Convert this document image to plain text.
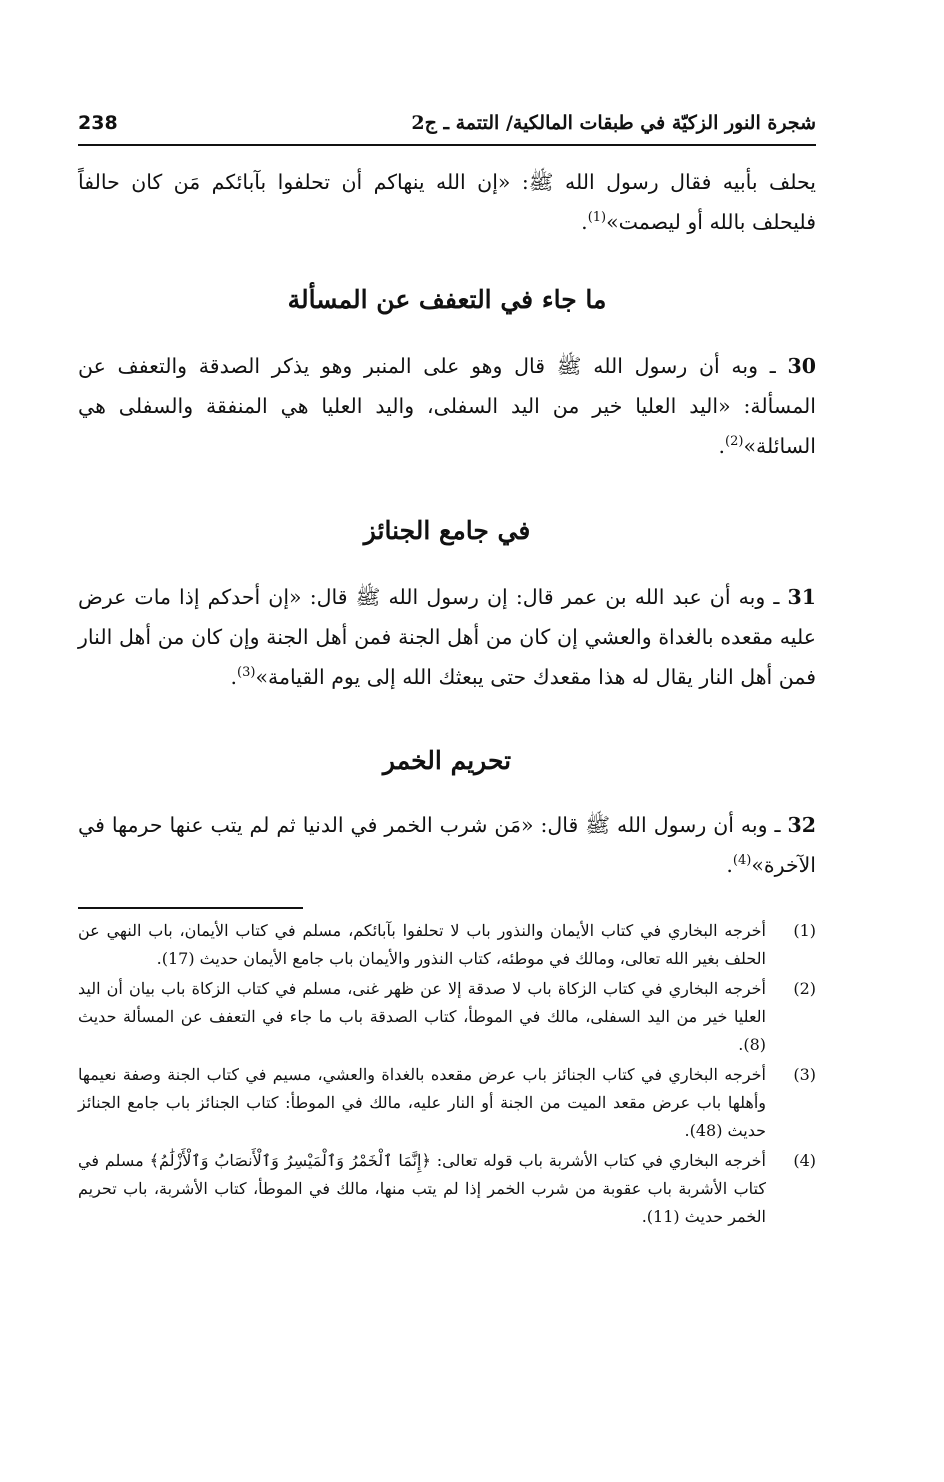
شجرة النور الزكيّة في طبقات المالكية/ التتمة ـ ج2
238

يحلف بأبيه فقال رسول الله ﷺ: «إن الله ينهاكم أن تحلفوا بآبائكم مَن كان حالفاً فليحلف بالله أو ليصمت»$^{(1)}$.

ما جاء في التعفف عن المسألة

30 ـ وبه أن رسول الله ﷺ قال وهو على المنبر وهو يذكر الصدقة والتعفف عن المسألة: «اليد العليا خير من اليد السفلى، واليد العليا هي المنفقة والسفلى هي السائلة»$^{(2)}$.

في جامع الجنائز

31 ـ وبه أن عبد الله بن عمر قال: إن رسول الله ﷺ قال: «إن أحدكم إذا مات عرض عليه مقعده بالغداة والعشي إن كان من أهل الجنة فمن أهل الجنة وإن كان من أهل النار فمن أهل النار يقال له هذا مقعدك حتى يبعثك الله إلى يوم القيامة»$^{(3)}$.

تحريم الخمر

32 ـ وبه أن رسول الله ﷺ قال: «مَن شرب الخمر في الدنيا ثم لم يتب عنها حرمها في الآخرة»$^{(4)}$.

(1)
أخرجه البخاري في كتاب الأيمان والنذور باب لا تحلفوا بآبائكم، مسلم في كتاب الأيمان، باب النهي عن الحلف بغير الله تعالى، ومالك في موطئه، كتاب النذور والأيمان باب جامع الأيمان حديث (17).
(2)
أخرجه البخاري في كتاب الزكاة باب لا صدقة إلا عن ظهر غنى، مسلم في كتاب الزكاة باب بيان أن اليد العليا خير من اليد السفلى، مالك في الموطأ، كتاب الصدقة باب ما جاء في التعفف عن المسألة حديث (8).
(3)
أخرجه البخاري في كتاب الجنائز باب عرض مقعده بالغداة والعشي، مسيم في كتاب الجنة وصفة نعيمها وأهلها باب عرض مقعد الميت من الجنة أو النار عليه، مالك في الموطأ: كتاب الجنائز باب جامع الجنائز حديث (48).
(4)
أخرجه البخاري في كتاب الأشربة باب قوله تعالى: ﴿إِنَّمَا ٱلْخَمْرُ وَٱلْمَيْسِرُ وَٱلْأَنصَابُ وَٱلْأَزْلَٰمُ﴾ مسلم في كتاب الأشربة باب عقوبة من شرب الخمر إذا لم يتب منها، مالك في الموطأ، كتاب الأشربة، باب تحريم الخمر حديث (11).
